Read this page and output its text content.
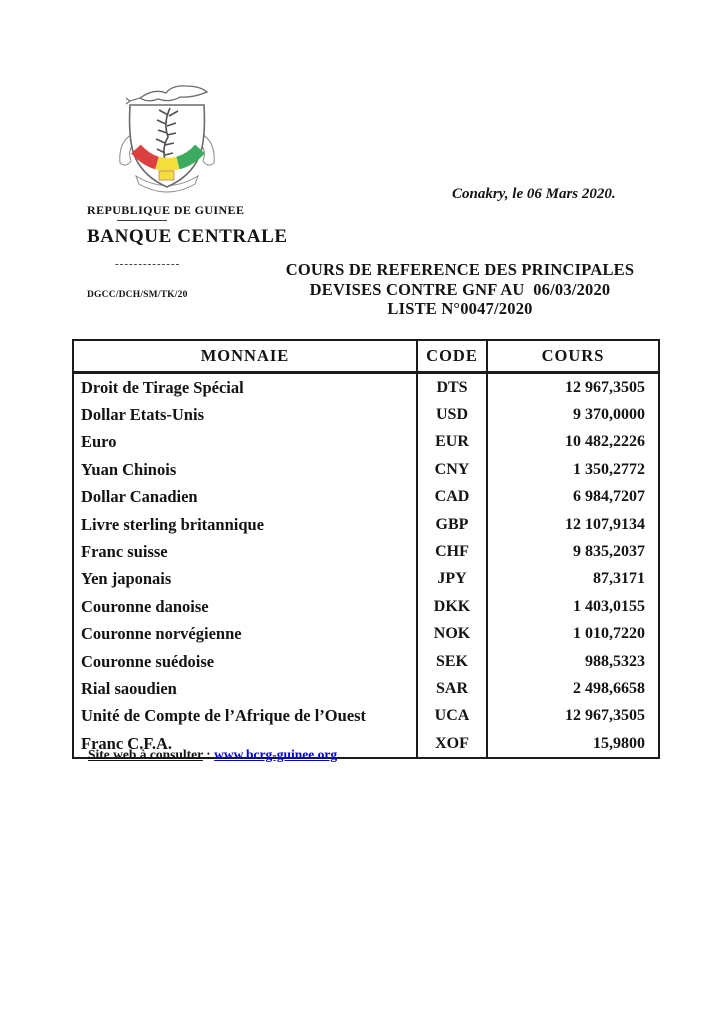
REPUBLIQUE DE GUINEE
BANQUE CENTRALE
--------------
Conakry, le 06 Mars 2020.
DGCC/DCH/SM/TK/20
COURS DE REFERENCE DES PRINCIPALES
DEVISES CONTRE GNF AU  06/03/2020
LISTE N°0047/2020
MONNAIE	CODE	COURS
Droit de Tirage Spécial	DTS	12 967,3505
Dollar Etats-Unis	USD	9 370,0000
Euro	EUR	10 482,2226
Yuan Chinois	CNY	1 350,2772
Dollar Canadien	CAD	6 984,7207
Livre sterling britannique	GBP	12 107,9134
Franc suisse	CHF	9 835,2037
Yen japonais	JPY	87,3171
Couronne danoise	DKK	1 403,0155
Couronne norvégienne	NOK	1 010,7220
Couronne suédoise	SEK	988,5323
Rial saoudien	SAR	2 498,6658
Unité de Compte de l’Afrique de l’Ouest	UCA	12 967,3505
Franc C.F.A.	XOF	15,9800
Site web à consulter : www.bcrg-guinee.org.
